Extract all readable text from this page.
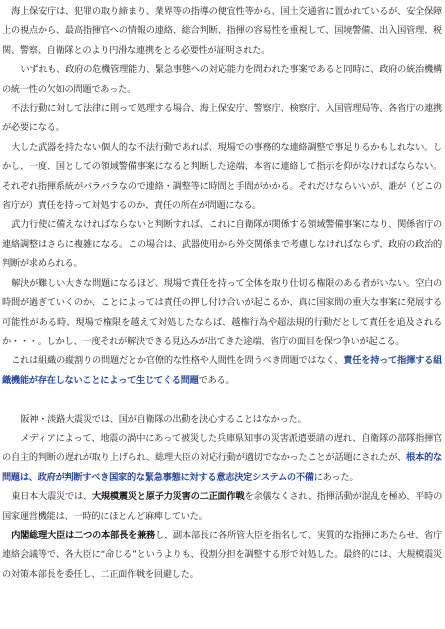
海上保安庁は、犯罪の取り締まり、業界等の指導の便宜性等から、国土交通省に置かれているが、安全保障上の視点から、最高指揮官への情報の連絡、総合判断、指揮の容易性を重視して、国境警備、出入国管理、税関、警察、自衛隊とのより円滑な連携をとる必要性が証明された。

いずれも、政府の危機管理能力、緊急事態への対応能力を問われた事案であると同時に、政府の統治機構の統一性の欠如の問題であった。

不法行動に対して法律に則って処理する場合、海上保安庁、警察庁、検察庁、入国管理局等、各省庁の連携が必要になる。

大した武器を持たない個人的な不法行動であれば、現場での事務的な連絡調整で事足りるかもしれない。しかし、一度、国としての領域警備事案になると判断した途端、本省に連絡して指示を仰がなければならない。それぞれ指揮系統がバラバラなので連絡・調整等に時間と手間がかかる。それだけならいいが、誰が（どこの省庁が）責任を持って対処するのか、責任の所在が問題になる。

武力行使に備えなければならないと判断すれば、これに自衛隊が関係する領域警備事案になり、関係省庁の連絡調整はさらに複雑になる。この場合は、武器使用から外交関係まで考慮しなければならず、政府の政治的判断が求められる。

解決が難しい大きな問題になるほど、現場で責任を持って全体を取り仕切る権限のある者がいない。空白の時間が過ぎていくのか、ことによっては責任の押し付け合いが起こるか、真に国家間の重大な事案に発展する可能性がある時、現場で権限を越えて対処したならば、越権行為や超法規的行動だとして責任を追及されるか・・・。しかし、一度それが解決できる見込みが出てきた途端、省庁の面目を保つ争いが起こる。

これは組織の縦割りの問題だとか官僚的な性格や人間性を問うべき問題ではなく、責任を持って指揮する組織機能が存在しないことによって生じてくる問題である。

阪神・淡路大震災では、国が自衛隊の出動を決心することはなかった。

メディアによって、地震の渦中にあって被災した兵庫県知事の災害派遣要請の遅れ、自衛隊の部隊指揮官の自主的判断の遅れが取り上げられ、総理大臣の対応行動が適切でなかったことが話題にされたが、根本的な問題は、政府が判断すべき国家的な緊急事態に対する意志決定システムの不備にあった。

東日本大震災では、大規模震災と原子力災害の二正面作戦を余儀なくされ、指揮活動が混乱を極め、平時の国家運営機能は、一時的にほとんど麻痺していた。

内閣総理大臣は二つの本部長を兼務し、副本部長に各所管大臣を指名して、実質的な指揮にあたらせ、省庁連絡会議等で、各大臣に“命じる”というよりも、役割分担を調整する形で対処した。最終的には、大規模震災の対策本部長を委任し、二正面作戦を回避した。
